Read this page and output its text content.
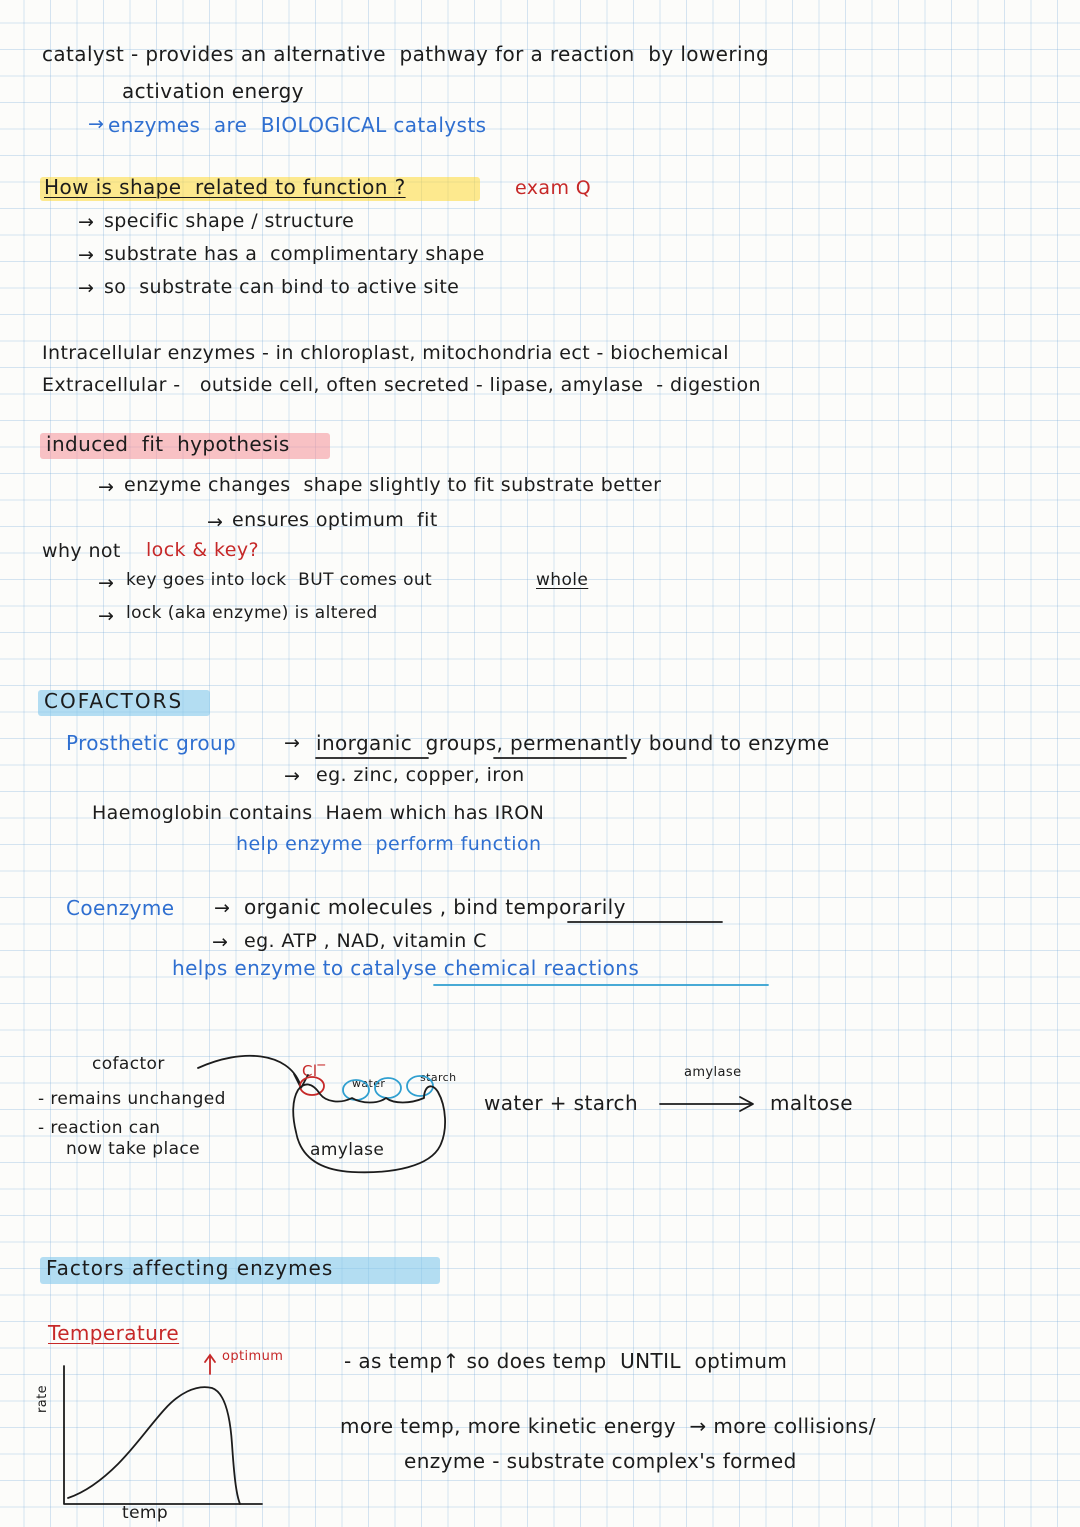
catalyst - provides an alternative  pathway for a reaction  by lowering
activation energy
→ enzymes  are  BIOLOGICAL catalysts
How is shape  related to function ?	exam Q
→ specific shape / structure
→ substrate has a  complimentary shape
→ so  substrate can bind to active site
Intracellular enzymes - in chloroplast, mitochondria ect - biochemical
Extracellular -   outside cell, often secreted - lipase, amylase  - digestion
induced  fit  hypothesis
→ enzyme changes  shape slightly to fit substrate better
→ ensures optimum  fit
why not lock & key?
→ key goes into lock  BUT comes out	whole
→ lock (aka enzyme) is altered
COFACTORS
Prosthetic group	→ inorganic  groups, permenantly bound to enzyme
→ eg. zinc, copper, iron
Haemoglobin contains  Haem which has IRON
help enzyme  perform function
Coenzyme → organic molecules , bind temporarily
→ eg. ATP , NAD, vitamin C
helps enzyme to catalyse chemical reactions
cofactor
- remains unchanged
- reaction can
now take place
Cl‾
water	starch
amylase
amylase
water + starch	maltose
Factors affecting enzymes
Temperature
optimum
rate
temp
- as temp↑ so does temp  UNTIL  optimum
more temp, more kinetic energy  → more collisions/
enzyme - substrate complex's formed
